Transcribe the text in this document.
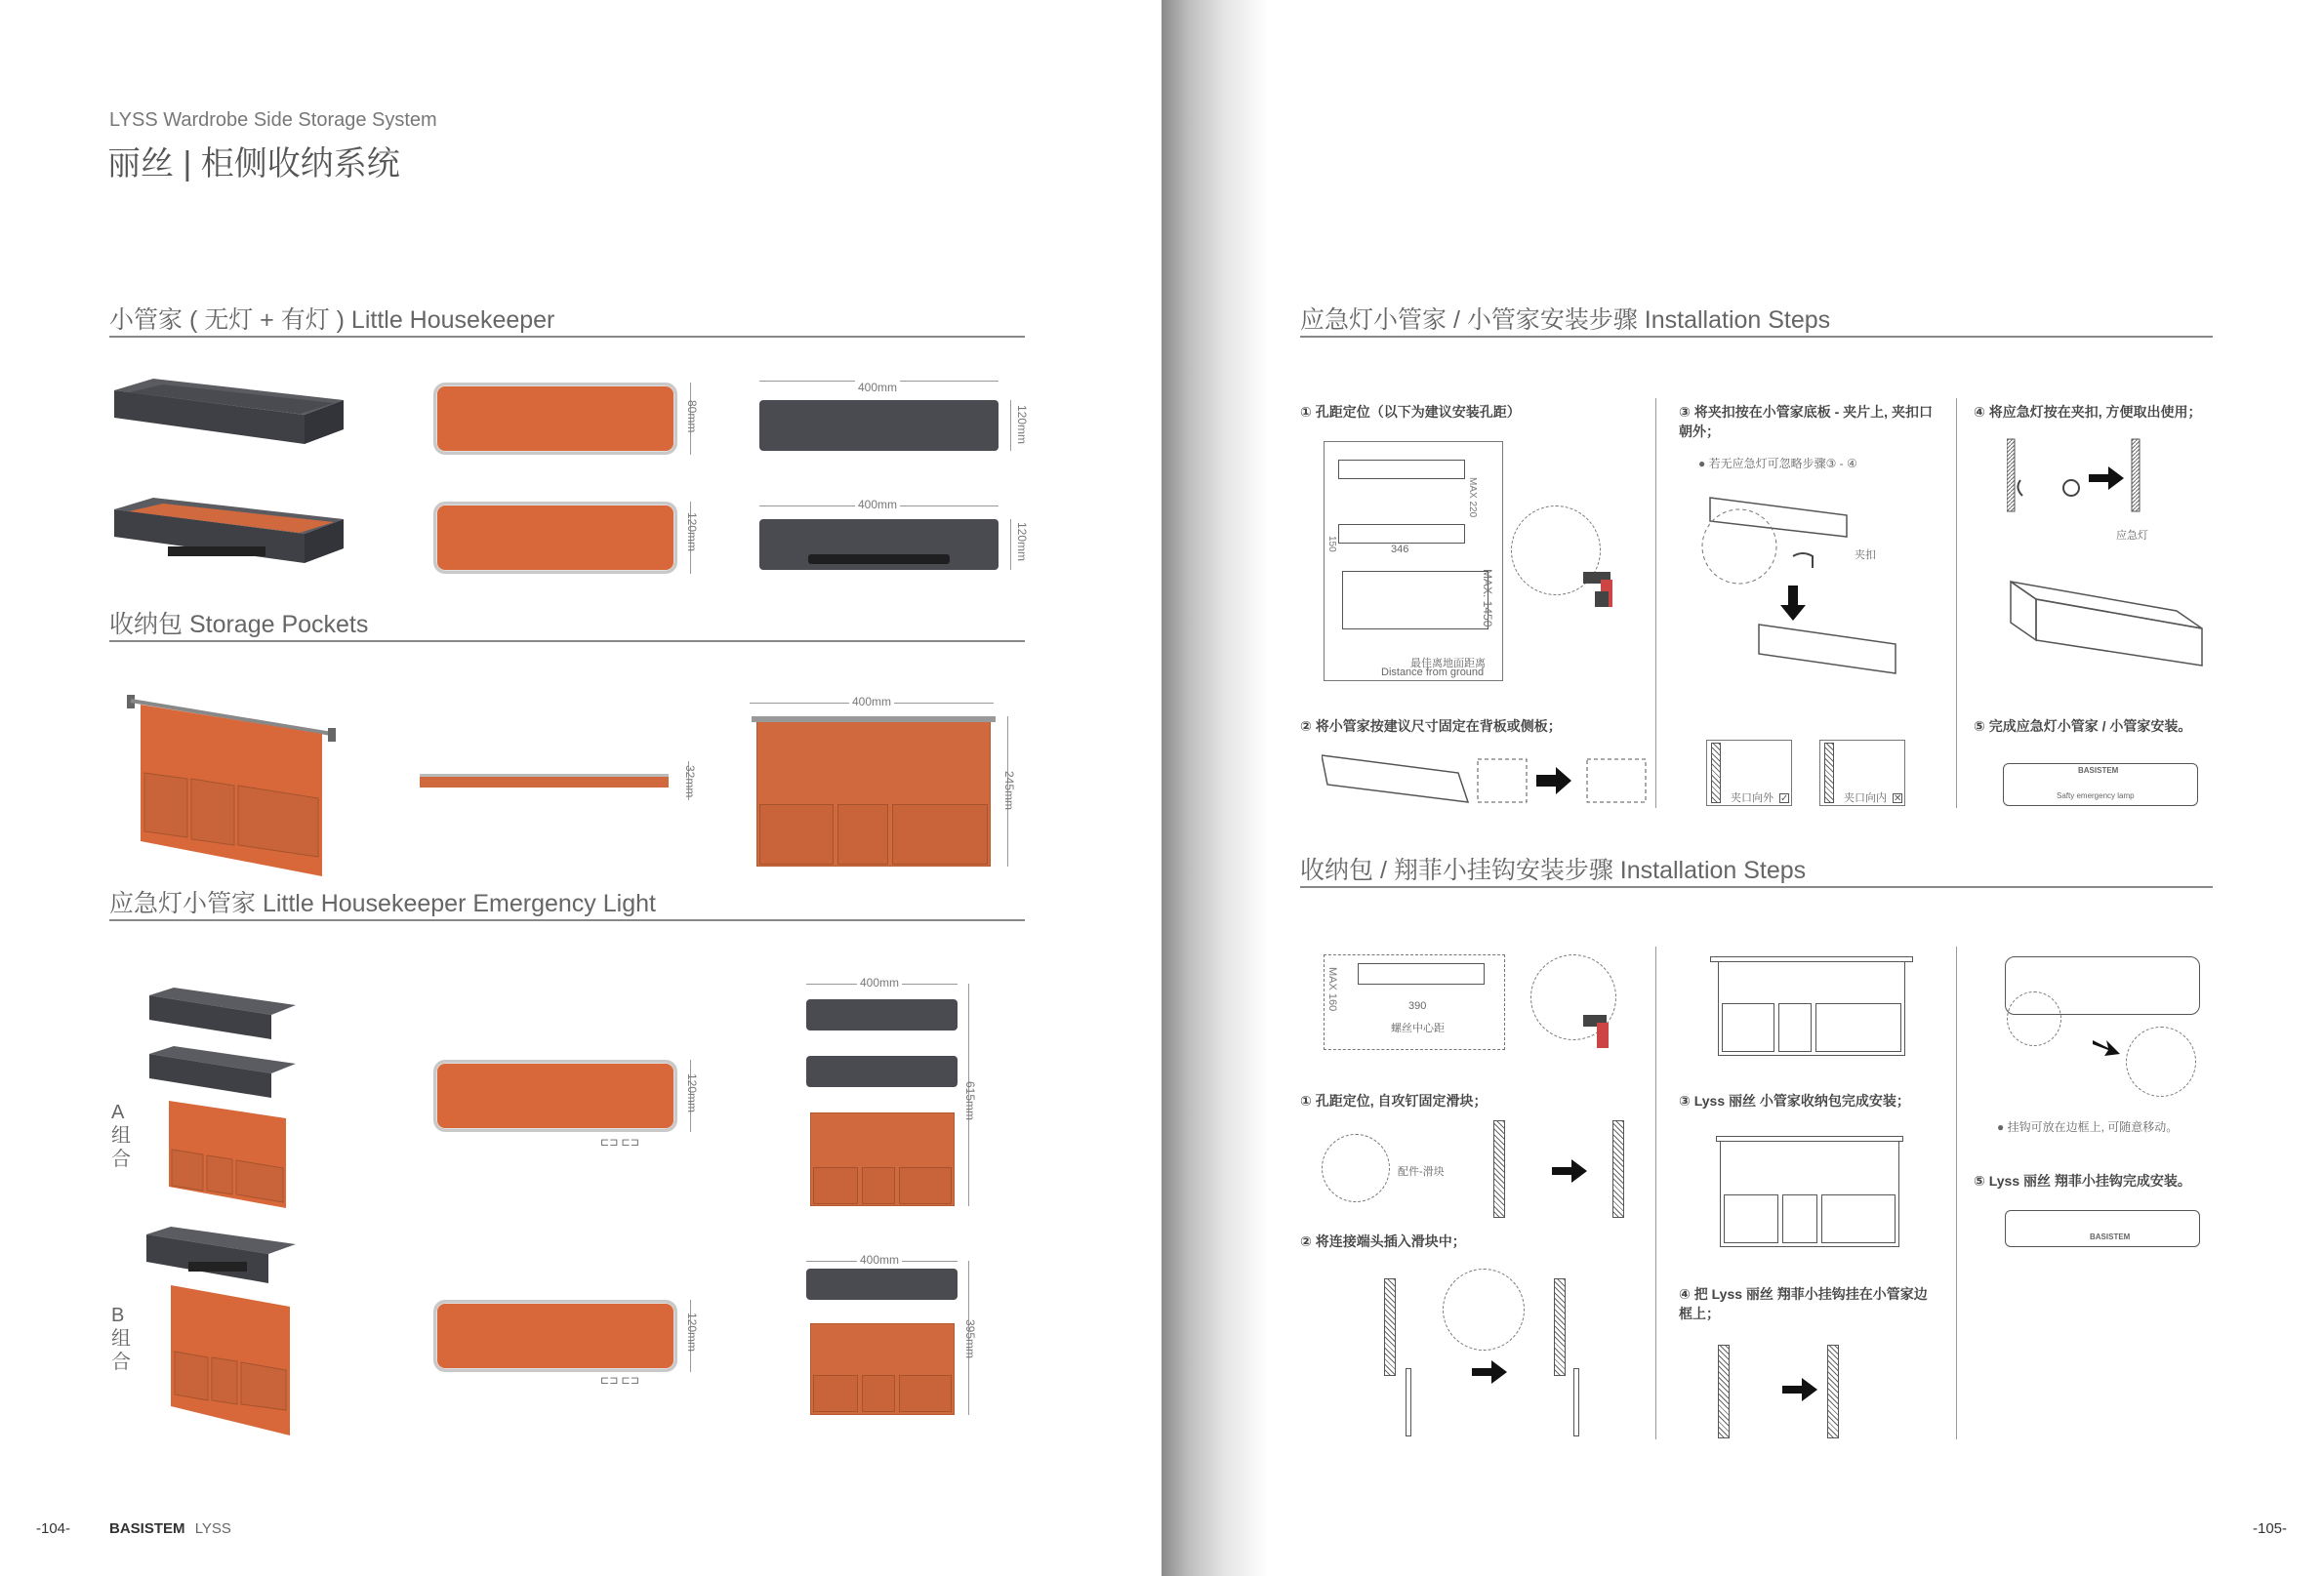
LYSS Wardrobe Side Storage System
丽丝 | 柜侧收纳系统
小管家 ( 无灯 + 有灯 ) Little Housekeeper
80mm
400mm
120mm
120mm
400mm
120mm
收纳包 Storage Pockets
32mm
400mm
245mm
应急灯小管家 Little Housekeeper Emergency Light
A
组
合
⊏⊐ ⊏⊐
120mm
400mm
615mm
B
组
合
⊏⊐ ⊏⊐
120mm
400mm
395mm
-104-	BASISTEM LYSS
应急灯小管家 / 小管家安装步骤 Installation Steps
① 孔距定位（以下为建议安装孔距）
346
150
MAX 220
MAX. 1450
最佳离地面距离
Distance from ground
② 将小管家按建议尺寸固定在背板或侧板；
③ 将夹扣按在小管家底板 - 夹片上, 夹扣口朝外；
● 若无应急灯可忽略步骤③ - ④
夹扣
夹口向外 ✓	夹口向内 ✕
④ 将应急灯按在夹扣, 方便取出使用；
应急灯
⑤ 完成应急灯小管家 / 小管家安装。
BASISTEM
Safty emergency lamp
收纳包 / 翔菲小挂钩安装步骤 Installation Steps
MAX 160	390
螺丝中心距
① 孔距定位, 自攻钉固定滑块；
配件-滑块
② 将连接端头插入滑块中；
③ Lyss 丽丝 小管家收纳包完成安装；
④ 把 Lyss 丽丝 翔菲小挂钩挂在小管家边框上；
● 挂钩可放在边框上, 可随意移动。
⑤ Lyss 丽丝 翔菲小挂钩完成安装。
BASISTEM
-105-
